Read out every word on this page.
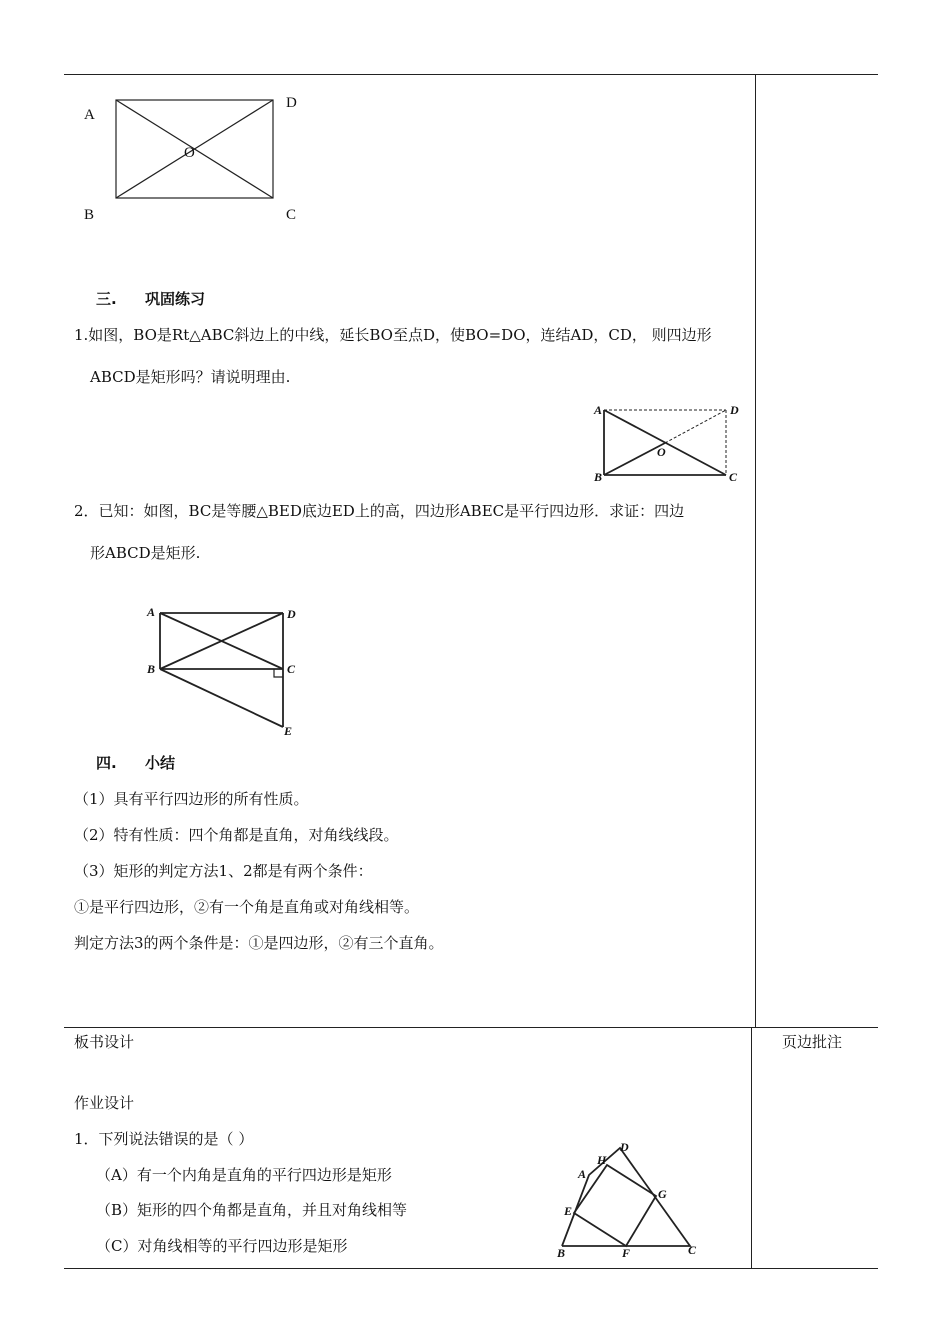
A
D
O
B	C
三. 巩固练习
1.如图，BO是Rt△ABC斜边上的中线，延长BO至点D，使BO=DO，连结AD，CD， 则四边形
ABCD是矩形吗？请说明理由.
A	D
O
B	C
2．已知：如图，BC是等腰△BED底边ED上的高，四边形ABEC是平行四边形．求证：四边
形ABCD是矩形.
A	D
B	C
E
四. 小结
（1）具有平行四边形的所有性质。
（2）特有性质：四个角都是直角，对角线线段。
（3）矩形的判定方法1、2都是有两个条件：
①是平行四边形，②有一个角是直角或对角线相等。
判定方法3的两个条件是：①是四边形，②有三个直角。
板书设计	页边批注
作业设计
1．下列说法错误的是（ ）
（A）有一个内角是直角的平行四边形是矩形
（B）矩形的四个角都是直角，并且对角线相等
（C）对角线相等的平行四边形是矩形
A
H
D
G
E
B	F	C
